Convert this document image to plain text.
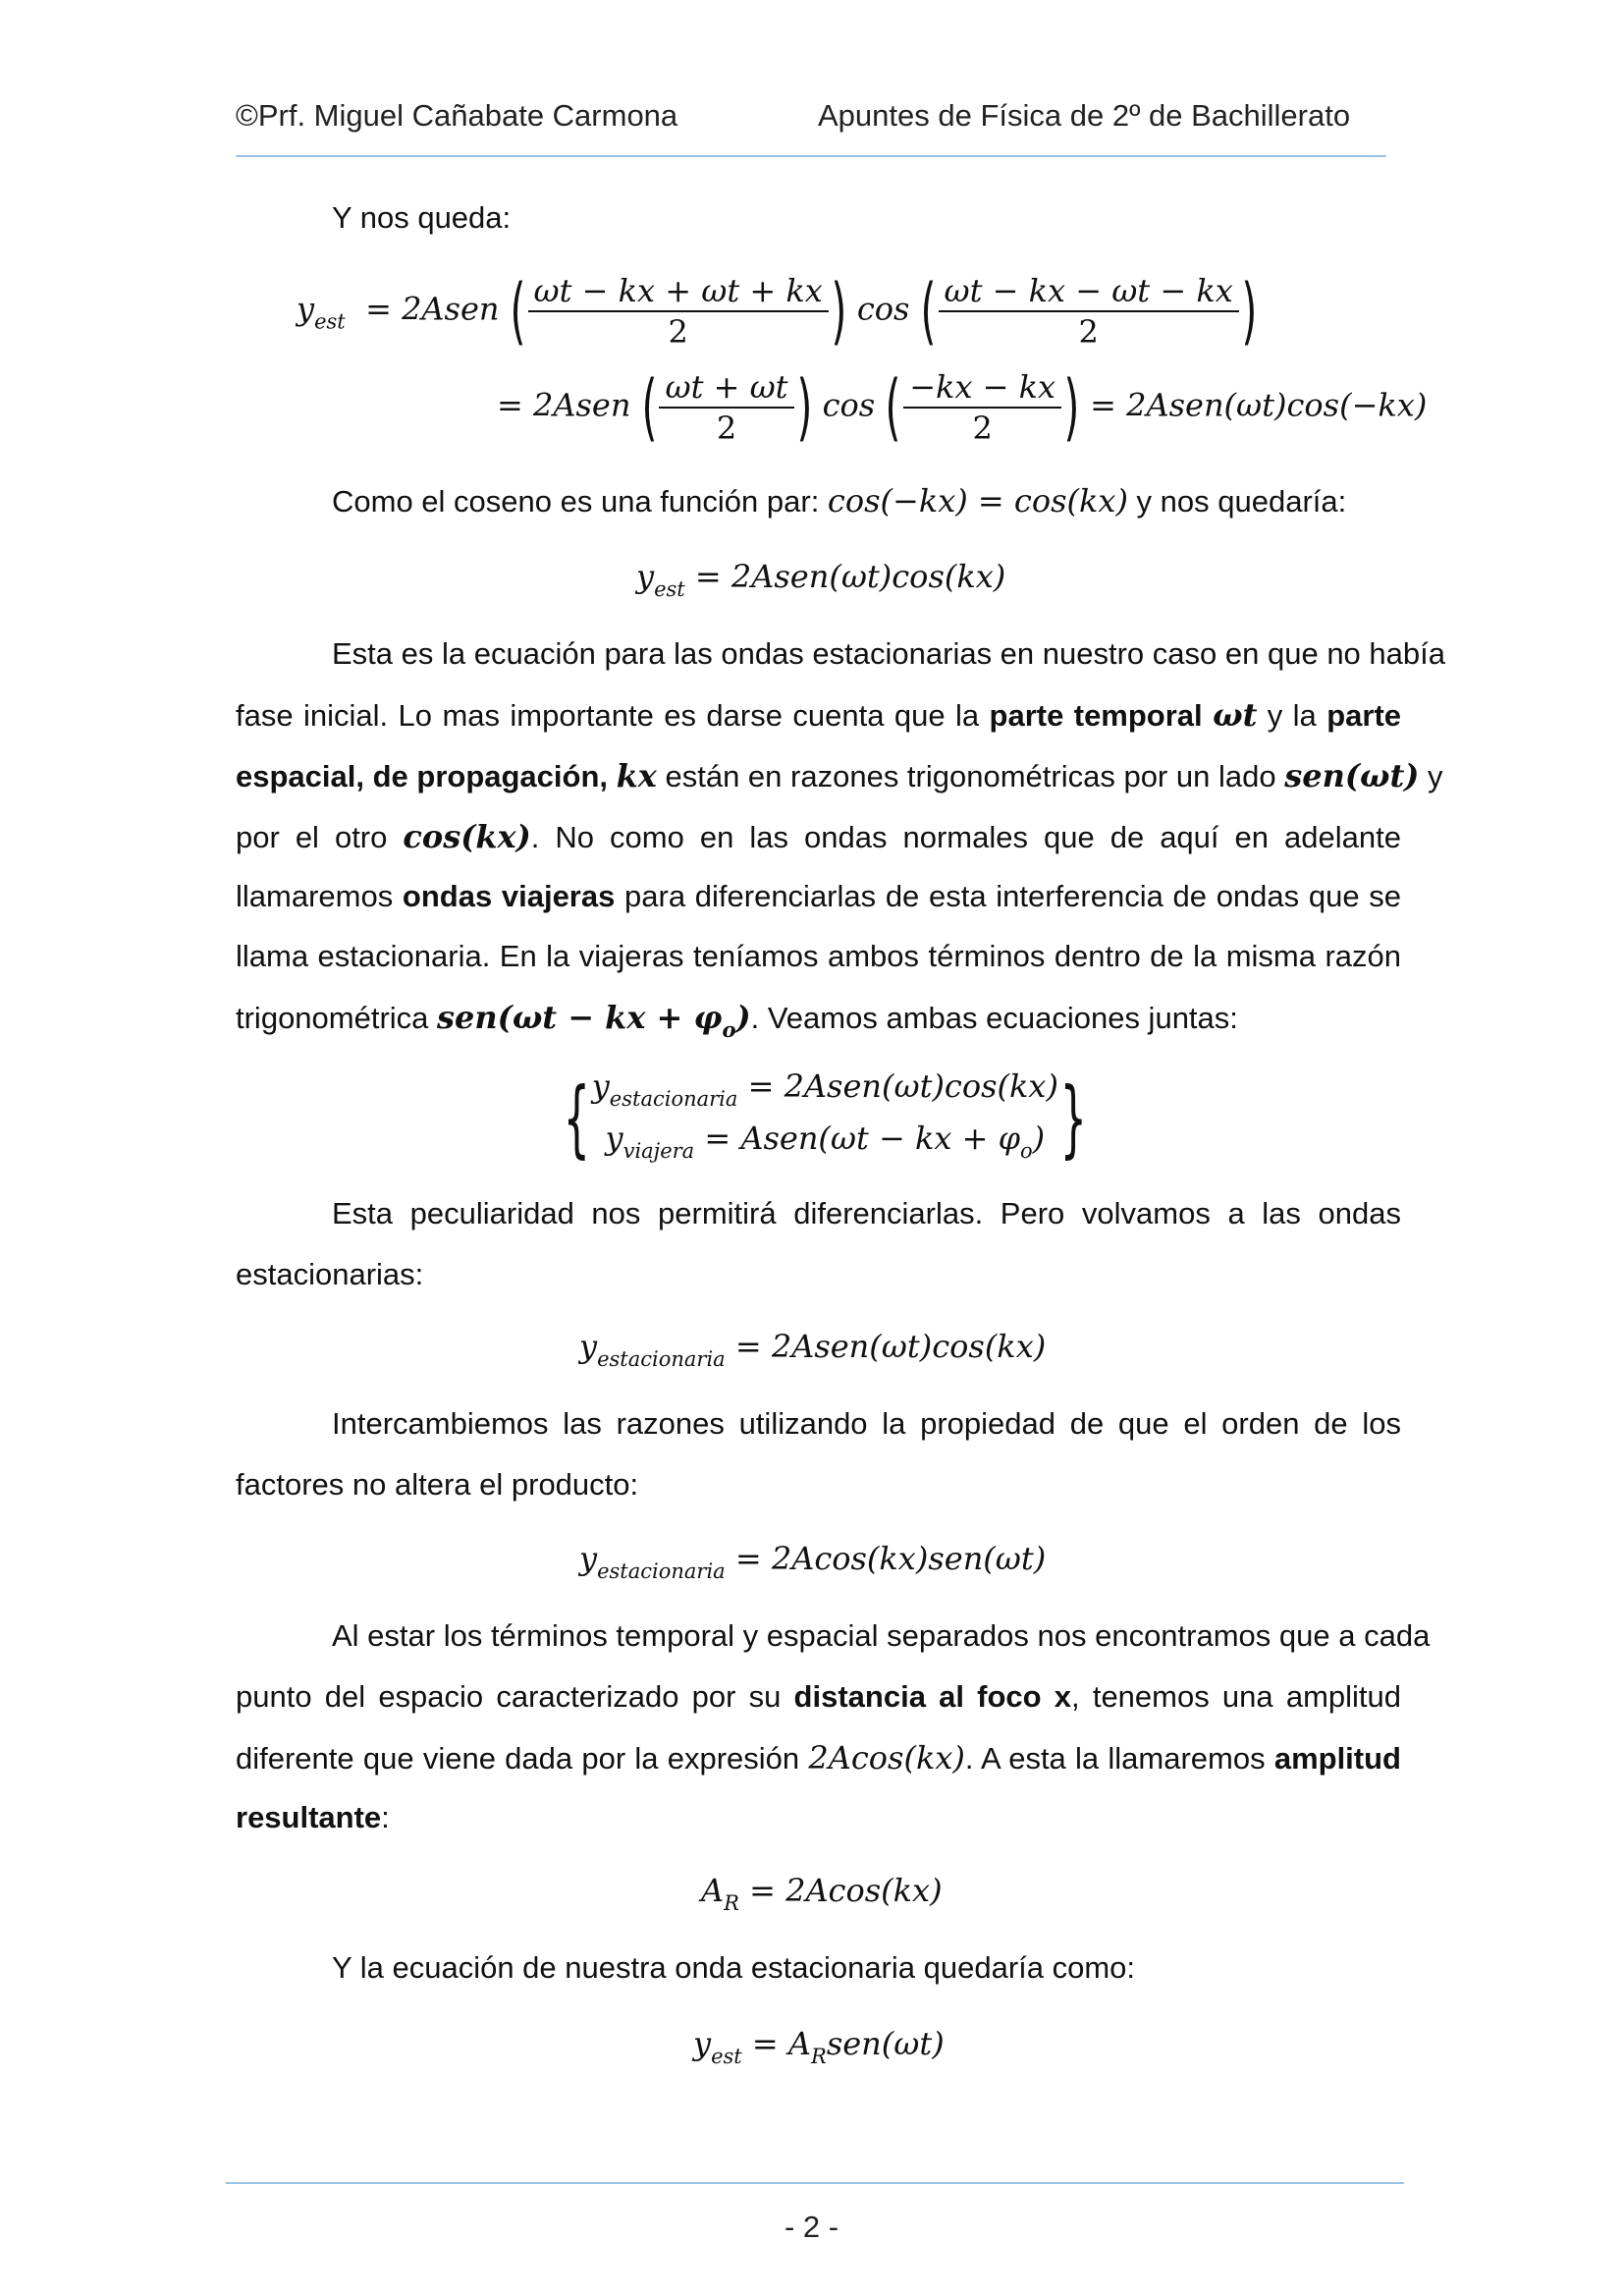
©Prf. Miguel Cañabate Carmona	Apuntes de Física de 2º de Bachillerato
Y nos queda:
$y_{est}$ = 2Asen ( $\frac{\omega t - kx + \omega t + kx}{2}$ ) cos ( $\frac{\omega t - kx - \omega t - kx}{2}$ )
= 2Asen ( $\frac{\omega t + \omega t}{2}$ ) cos ( $\frac{-kx - kx}{2}$ ) = 2Asen(ωt)cos(−kx)
Como el coseno es una función par: cos(−kx) = cos(kx) y nos quedaría:
$y_{est}$ = 2Asen(ωt)cos(kx)
Esta es la ecuación para las ondas estacionarias en nuestro caso en que no había
fase inicial. Lo mas importante es darse cuenta que la parte temporal ωt y la parte
espacial, de propagación, kx están en razones trigonométricas por un lado sen(ωt) y
por el otro cos(kx). No como en las ondas normales que de aquí en adelante
llamaremos ondas viajeras para diferenciarlas de esta interferencia de ondas que se
llama estacionaria. En la viajeras teníamos ambos términos dentro de la misma razón
trigonométrica sen(ωt − kx + $\varphi_o$). Veamos ambas ecuaciones juntas:
{ $y_{estacionaria}$ = 2Asen(ωt)cos(kx)
$y_{viajera}$ = Asen(ωt − kx + $\varphi_o$) }
Esta peculiaridad nos permitirá diferenciarlas. Pero volvamos a las ondas
estacionarias:
$y_{estacionaria}$ = 2Asen(ωt)cos(kx)
Intercambiemos las razones utilizando la propiedad de que el orden de los
factores no altera el producto:
$y_{estacionaria} = 2Acos(kx)sen(\omega t)$
Al estar los términos temporal y espacial separados nos encontramos que a cada
punto del espacio caracterizado por su distancia al foco x, tenemos una amplitud
diferente que viene dada por la expresión 2Acos(kx). A esta la llamaremos amplitud
resultante:
$A_R = 2Acos(kx)$
Y la ecuación de nuestra onda estacionaria quedaría como:
$y_{est} = A_Rsen(\omega t)$
- 2 -
